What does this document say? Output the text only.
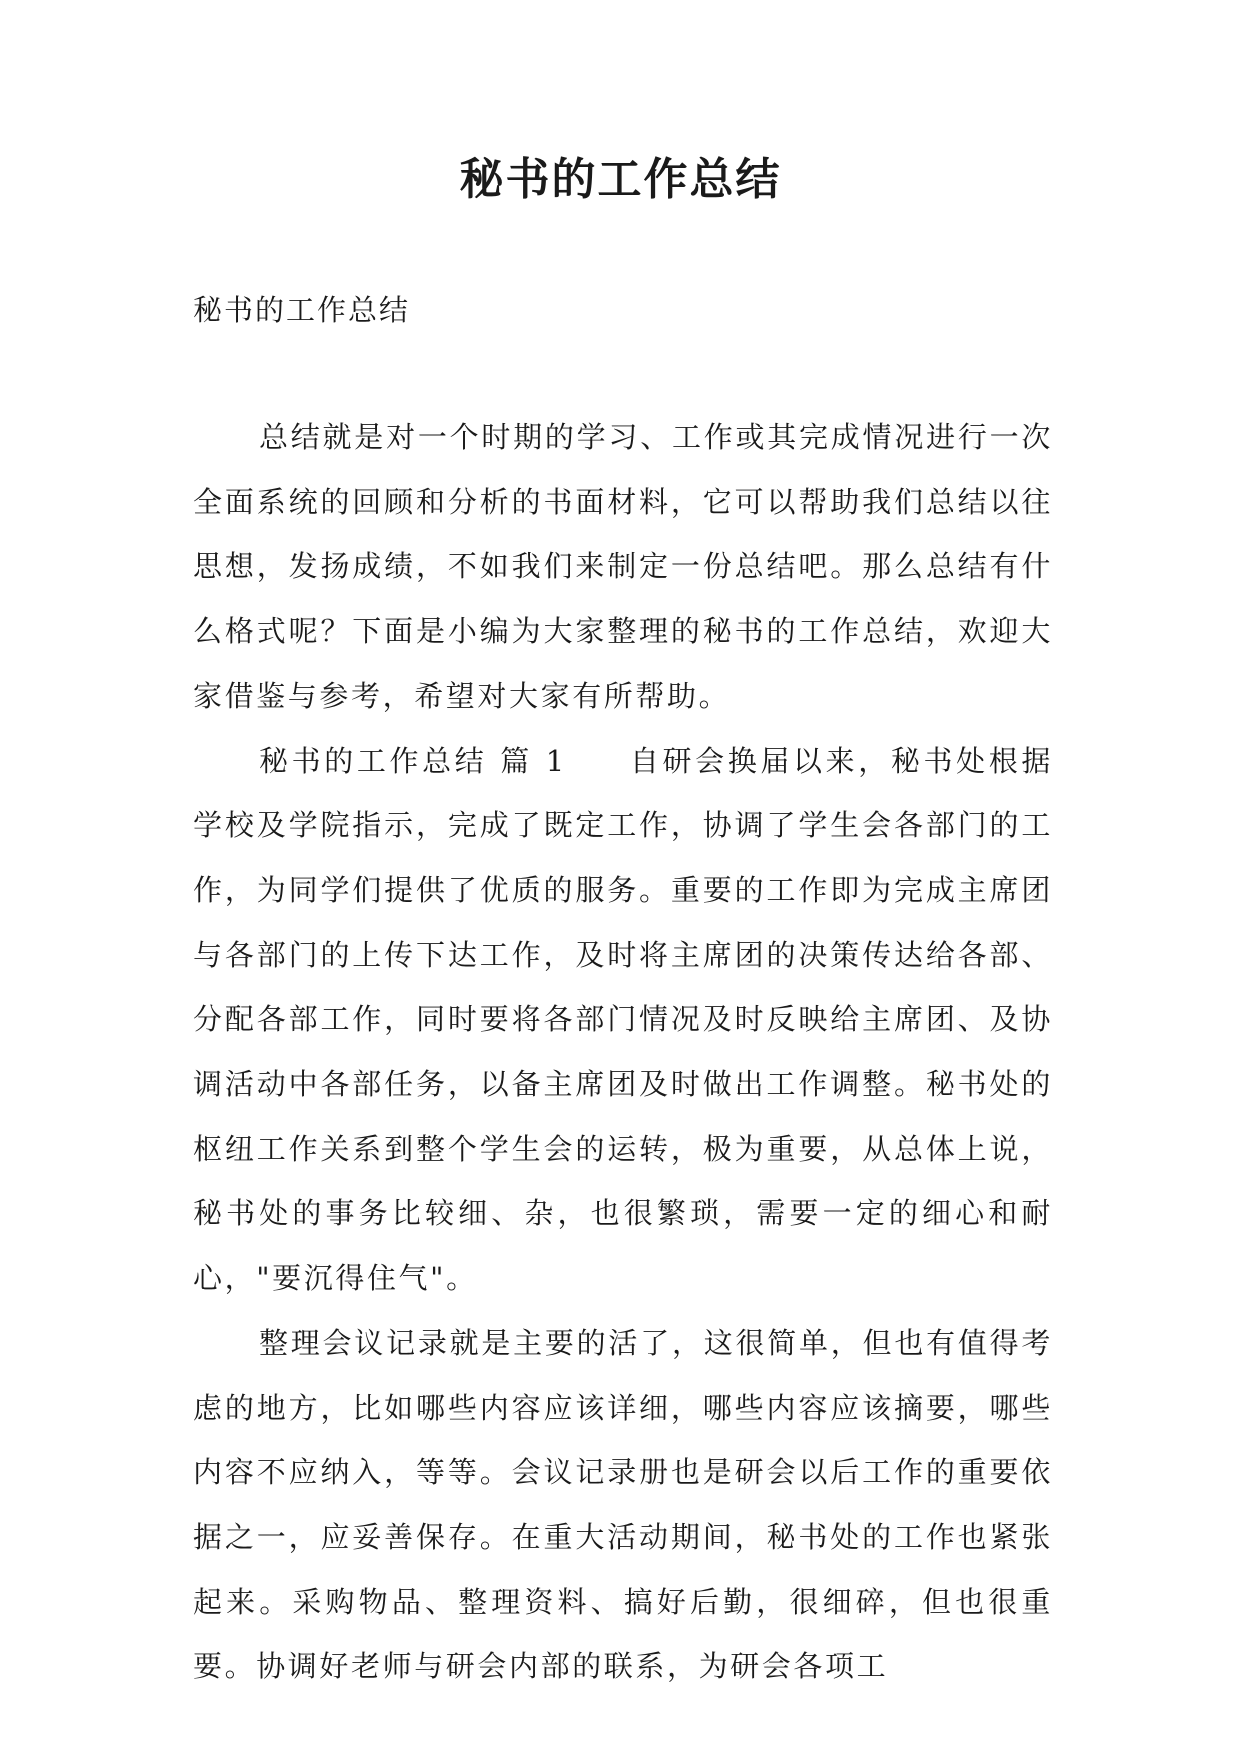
秘书的工作总结
秘书的工作总结

总结就是对一个时期的学习、工作或其完成情况进行一次全面系统的回顾和分析的书面材料，它可以帮助我们总结以往思想，发扬成绩，不如我们来制定一份总结吧。那么总结有什么格式呢？下面是小编为大家整理的秘书的工作总结，欢迎大家借鉴与参考，希望对大家有所帮助。

秘书的工作总结 篇 1 自研会换届以来，秘书处根据学校及学院指示，完成了既定工作，协调了学生会各部门的工作，为同学们提供了优质的服务。重要的工作即为完成主席团与各部门的上传下达工作，及时将主席团的决策传达给各部、分配各部工作，同时要将各部门情况及时反映给主席团、及协调活动中各部任务，以备主席团及时做出工作调整。秘书处的枢纽工作关系到整个学生会的运转，极为重要，从总体上说，秘书处的事务比较细、杂，也很繁琐，需要一定的细心和耐心，"要沉得住气"。

整理会议记录就是主要的活了，这很简单，但也有值得考虑的地方，比如哪些内容应该详细，哪些内容应该摘要，哪些内容不应纳入，等等。会议记录册也是研会以后工作的重要依据之一，应妥善保存。在重大活动期间，秘书处的工作也紧张起来。采购物品、整理资料、搞好后勤，很细碎，但也很重要。协调好老师与研会内部的联系，为研会各项工
